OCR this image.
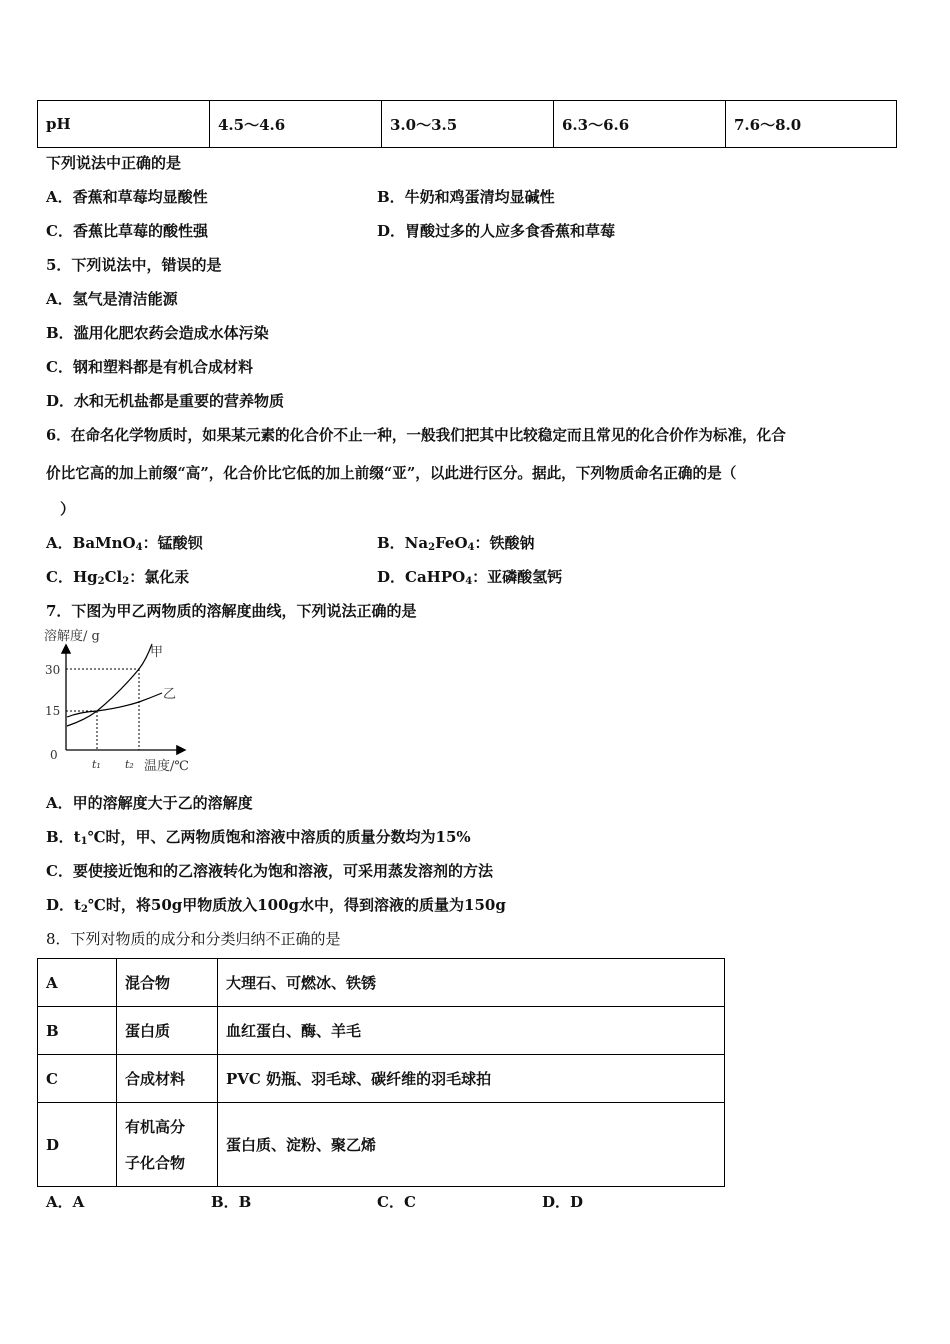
pH	4.5～4.6	3.0～3.5	6.3～6.6	7.6～8.0
下列说法中正确的是
A．香蕉和草莓均显酸性	B．牛奶和鸡蛋清均显碱性
C．香蕉比草莓的酸性强	D．胃酸过多的人应多食香蕉和草莓
5．下列说法中，错误的是
A．氢气是清洁能源
B．滥用化肥农药会造成水体污染
C．钢和塑料都是有机合成材料
D．水和无机盐都是重要的营养物质
6．在命名化学物质时，如果某元素的化合价不止一种，一般我们把其中比较稳定而且常见的化合价作为标准，化合
价比它高的加上前缀“高”，化合价比它低的加上前缀“亚”，以此进行区分。据此，下列物质命名正确的是（
）
A．BaMnO$_4$：锰酸钡	B．$Na_2FeO_4$：铁酸钠
C．$Hg_2Cl_2$：氯化汞	D．CaHPO$_4$：亚磷酸氢钙
7．下图为甲乙两物质的溶解度曲线，下列说法正确的是
溶解度/ g
30
15
0
甲
乙
t₁ t₂ 温度/℃
A．甲的溶解度大于乙的溶解度
B．$t_1℃$时，甲、乙两物质饱和溶液中溶质的质量分数均为15%
C．要使接近饱和的乙溶液转化为饱和溶液，可采用蒸发溶剂的方法
D．$t_2℃$时，将50g甲物质放入100g水中，得到溶液的质量为150g
8．下列对物质的成分和分类归纳不正确的是
A	混合物	大理石、可燃冰、铁锈
B	蛋白质	血红蛋白、酶、羊毛
C	合成材料	PVC 奶瓶、羽毛球、碳纤维的羽毛球拍
D	有机高分
子化合物	蛋白质、淀粉、聚乙烯
A．A	B．B	C．C	D．D
